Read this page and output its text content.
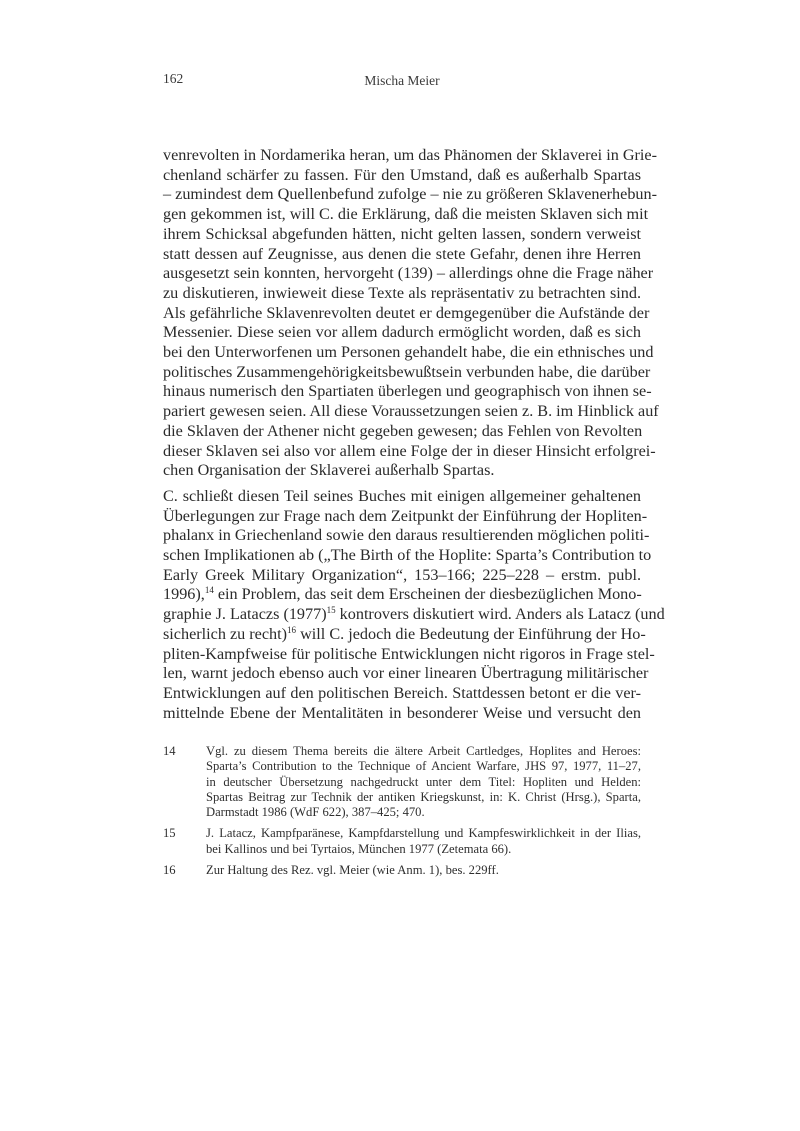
162	Mischa Meier

venrevolten in Nordamerika heran, um das Phänomen der Sklaverei in Grie-
chenland schärfer zu fassen. Für den Umstand, daß es außerhalb Spartas
– zumindest dem Quellenbefund zufolge – nie zu größeren Sklavenerhebun-
gen gekommen ist, will C. die Erklärung, daß die meisten Sklaven sich mit
ihrem Schicksal abgefunden hätten, nicht gelten lassen, sondern verweist
statt dessen auf Zeugnisse, aus denen die stete Gefahr, denen ihre Herren
ausgesetzt sein konnten, hervorgeht (139) – allerdings ohne die Frage näher
zu diskutieren, inwieweit diese Texte als repräsentativ zu betrachten sind.
Als gefährliche Sklavenrevolten deutet er demgegenüber die Aufstände der
Messenier. Diese seien vor allem dadurch ermöglicht worden, daß es sich
bei den Unterworfenen um Personen gehandelt habe, die ein ethnisches und
politisches Zusammengehörigkeitsbewußtsein verbunden habe, die darüber
hinaus numerisch den Spartiaten überlegen und geographisch von ihnen se-
pariert gewesen seien. All diese Voraussetzungen seien z. B. im Hinblick auf
die Sklaven der Athener nicht gegeben gewesen; das Fehlen von Revolten
dieser Sklaven sei also vor allem eine Folge der in dieser Hinsicht erfolgrei-
chen Organisation der Sklaverei außerhalb Spartas.

C. schließt diesen Teil seines Buches mit einigen allgemeiner gehaltenen
Überlegungen zur Frage nach dem Zeitpunkt der Einführung der Hopliten-
phalanx in Griechenland sowie den daraus resultierenden möglichen politi-
schen Implikationen ab („The Birth of the Hoplite: Sparta’s Contribution to
Early Greek Military Organization“, 153–166; 225–228 – erstm. publ.
1996),$^{14}$ ein Problem, das seit dem Erscheinen der diesbezüglichen Mono-
graphie J. Lataczs $(1977)^{15}$ kontrovers diskutiert wird. Anders als Latacz (und
sicherlich zu recht)$^{16}$ will C. jedoch die Bedeutung der Einführung der Ho-
pliten-Kampfweise für politische Entwicklungen nicht rigoros in Frage stel-
len, warnt jedoch ebenso auch vor einer linearen Übertragung militärischer
Entwicklungen auf den politischen Bereich. Stattdessen betont er die ver-
mittelnde Ebene der Mentalitäten in besonderer Weise und versucht den

14	Vgl. zu diesem Thema bereits die ältere Arbeit Cartledges, Hoplites and Heroes:
Sparta’s Contribution to the Technique of Ancient Warfare, JHS 97, 1977, 11–27,
in deutscher Übersetzung nachgedruckt unter dem Titel: Hopliten und Helden:
Spartas Beitrag zur Technik der antiken Kriegskunst, in: K. Christ (Hrsg.), Sparta,
Darmstadt 1986 (WdF 622), 387–425; 470.
15	J. Latacz, Kampfparänese, Kampfdarstellung und Kampfeswirklichkeit in der Ilias,
bei Kallinos und bei Tyrtaios, München 1977 (Zetemata 66).
16	Zur Haltung des Rez. vgl. Meier (wie Anm. 1), bes. 229ff.
